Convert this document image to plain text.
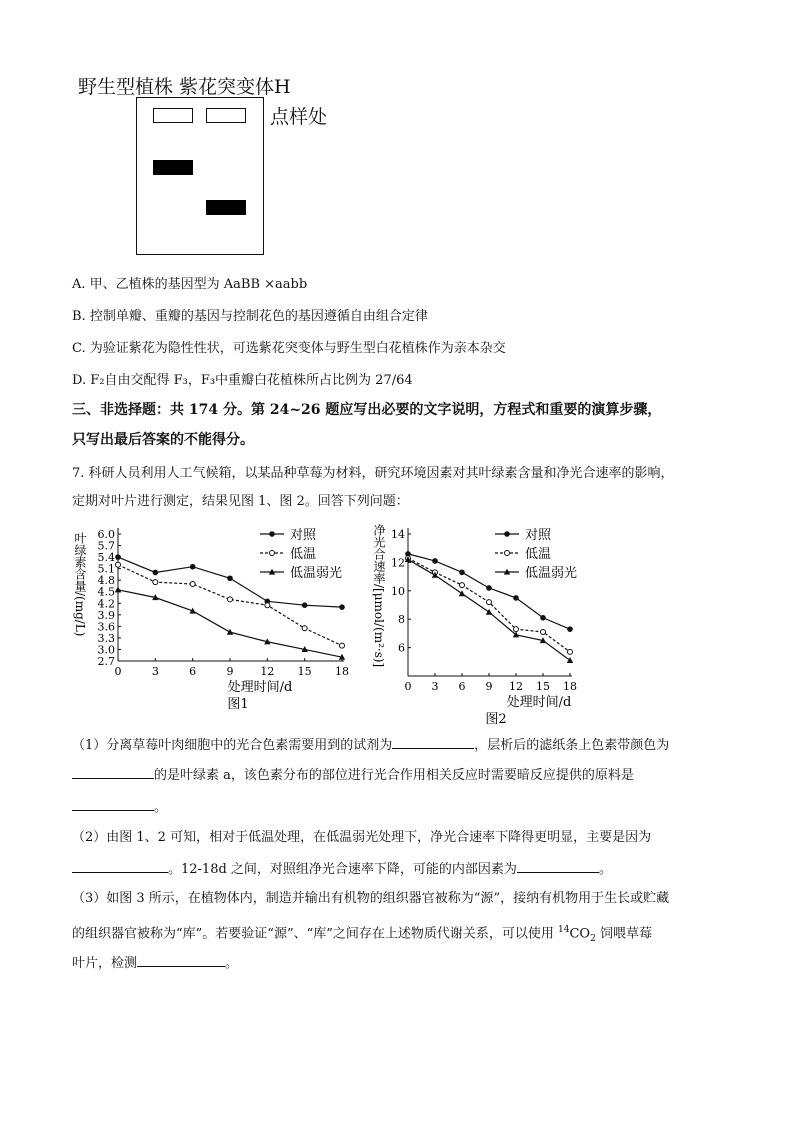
野生型植株 紫花突变体H
点样处
A. 甲、乙植株的基因型为 AaBB ×aabb
B. 控制单瓣、重瓣的基因与控制花色的基因遵循自由组合定律
C. 为验证紫花为隐性性状，可选紫花突变体与野生型白花植株作为亲本杂交
D. F₂自由交配得 F₃，F₃中重瓣白花植株所占比例为 27/64
三、非选择题：共 174 分。第 24~26 题应写出必要的文字说明，方程式和重要的演算步骤，
只写出最后答案的不能得分。
7. 科研人员利用人工气候箱，以某品种草莓为材料，研究环境因素对其叶绿素含量和净光合速率的影响，
定期对叶片进行测定，结果见图 1、图 2。回答下列问题：
6.0
5.7
5.4
5.1
4.8
4.5
4.2
3.9
3.6
3.3
3.0
2.7
0	3	6	9 12 15 18
对照
低温
低温弱光
处理时间/d
图1
叶绿素含量/(mg/L)	14
12
10
8
6
0 3 6 9 12 15 18
对照
低温
低温弱光
处理时间/d
图2
净光合速率/[μmol/(m²·s)]
（1）分离草莓叶肉细胞中的光合色素需要用到的试剂为	，层析后的滤纸条上色素带颜色为
的是叶绿素 a，该色素分布的部位进行光合作用相关反应时需要暗反应提供的原料是
。
（2）由图 1、2 可知，相对于低温处理，在低温弱光处理下，净光合速率下降得更明显，主要是因为
。12-18d 之间，对照组净光合速率下降，可能的内部因素为	。
（3）如图 3 所示，在植物体内，制造并输出有机物的组织器官被称为“源”，接纳有机物用于生长或贮藏
的组织器官被称为“库”。若要验证“源”、“库”之间存在上述物质代谢关系，可以使用 $^{14}CO_2$ 饲喂草莓
叶片，检测	。
